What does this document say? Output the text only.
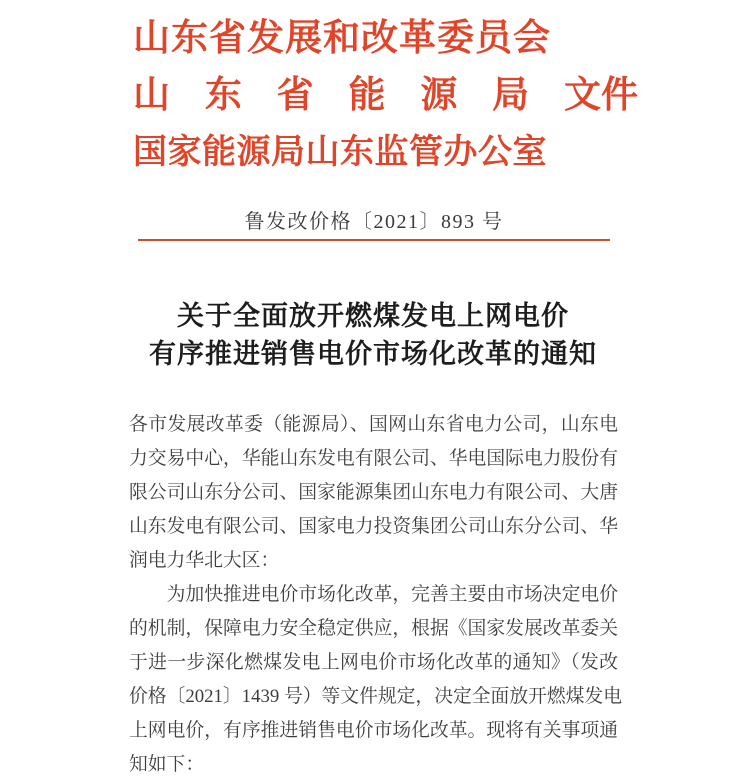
山东省发展和改革委员会
山 东 省 能 源 局 文件
国家能源局山东监管办公室
鲁发改价格〔2021〕893 号
关于全面放开燃煤发电上网电价
有序推进销售电价市场化改革的通知
各市发展改革委（能源局）、国网山东省电力公司，山东电
力交易中心，华能山东发电有限公司、华电国际电力股份有
限公司山东分公司、国家能源集团山东电力有限公司、大唐
山东发电有限公司、国家电力投资集团公司山东分公司、华
润电力华北大区：
　　为加快推进电价市场化改革，完善主要由市场决定电价
的机制，保障电力安全稳定供应，根据《国家发展改革委关
于进一步深化燃煤发电上网电价市场化改革的通知》（发改
价格〔2021〕1439 号）等文件规定，决定全面放开燃煤发电
上网电价，有序推进销售电价市场化改革。现将有关事项通
知如下：
